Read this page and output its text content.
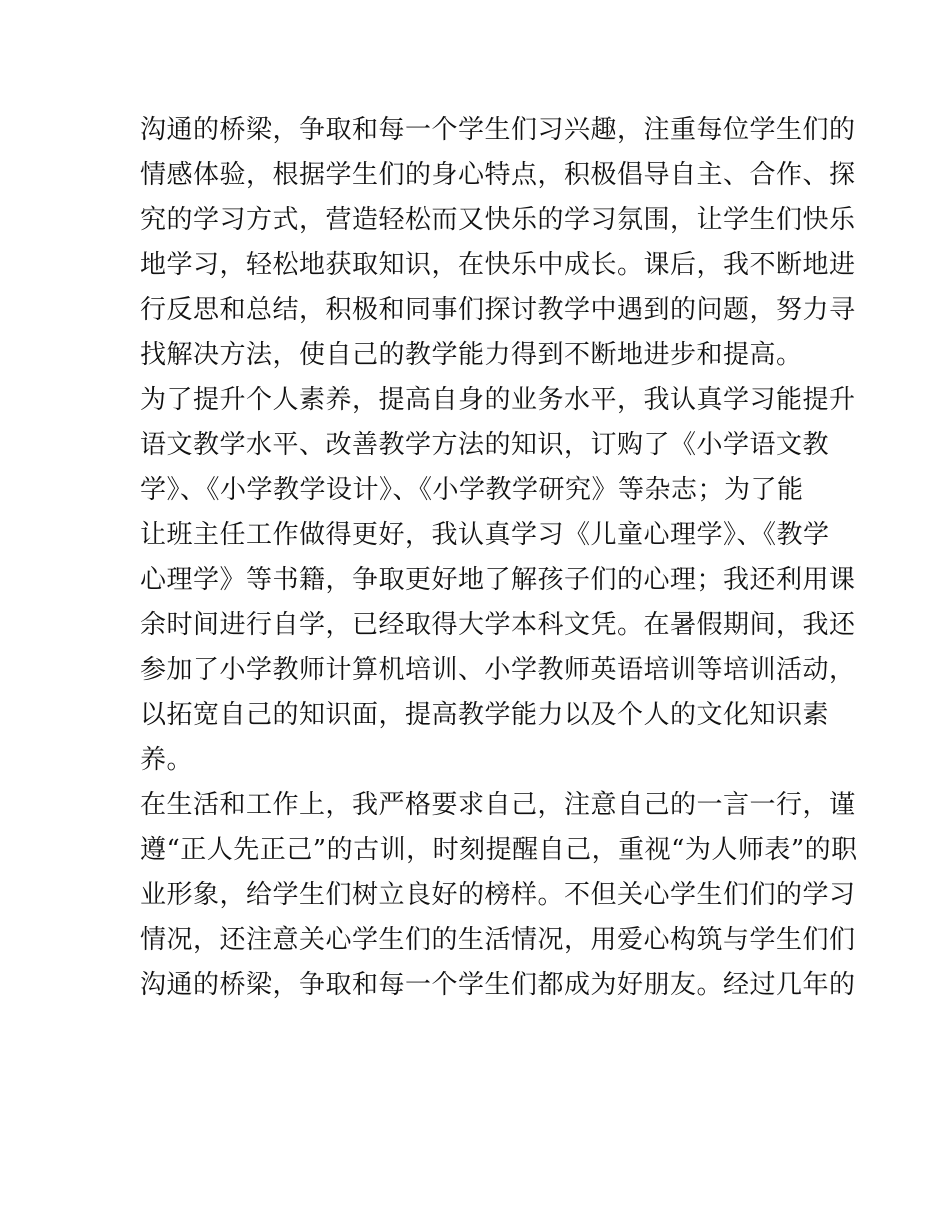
沟通的桥梁，争取和每一个学生们习兴趣，注重每位学生们的
情感体验，根据学生们的身心特点，积极倡导自主、合作、探
究的学习方式，营造轻松而又快乐的学习氛围，让学生们快乐
地学习，轻松地获取知识，在快乐中成长。课后，我不断地进
行反思和总结，积极和同事们探讨教学中遇到的问题，努力寻
找解决方法，使自己的教学能力得到不断地进步和提高。
为了提升个人素养，提高自身的业务水平，我认真学习能提升
语文教学水平、改善教学方法的知识，订购了《小学语文教
学》、《小学教学设计》、《小学教学研究》等杂志；为了能
让班主任工作做得更好，我认真学习《儿童心理学》、《教学
心理学》等书籍，争取更好地了解孩子们的心理；我还利用课
余时间进行自学，已经取得大学本科文凭。在暑假期间，我还
参加了小学教师计算机培训、小学教师英语培训等培训活动，
以拓宽自己的知识面，提高教学能力以及个人的文化知识素
养。
在生活和工作上，我严格要求自己，注意自己的一言一行，谨
遵“正人先正己”的古训，时刻提醒自己，重视“为人师表”的职
业形象，给学生们树立良好的榜样。不但关心学生们们的学习
情况，还注意关心学生们的生活情况，用爱心构筑与学生们们
沟通的桥梁，争取和每一个学生们都成为好朋友。经过几年的
